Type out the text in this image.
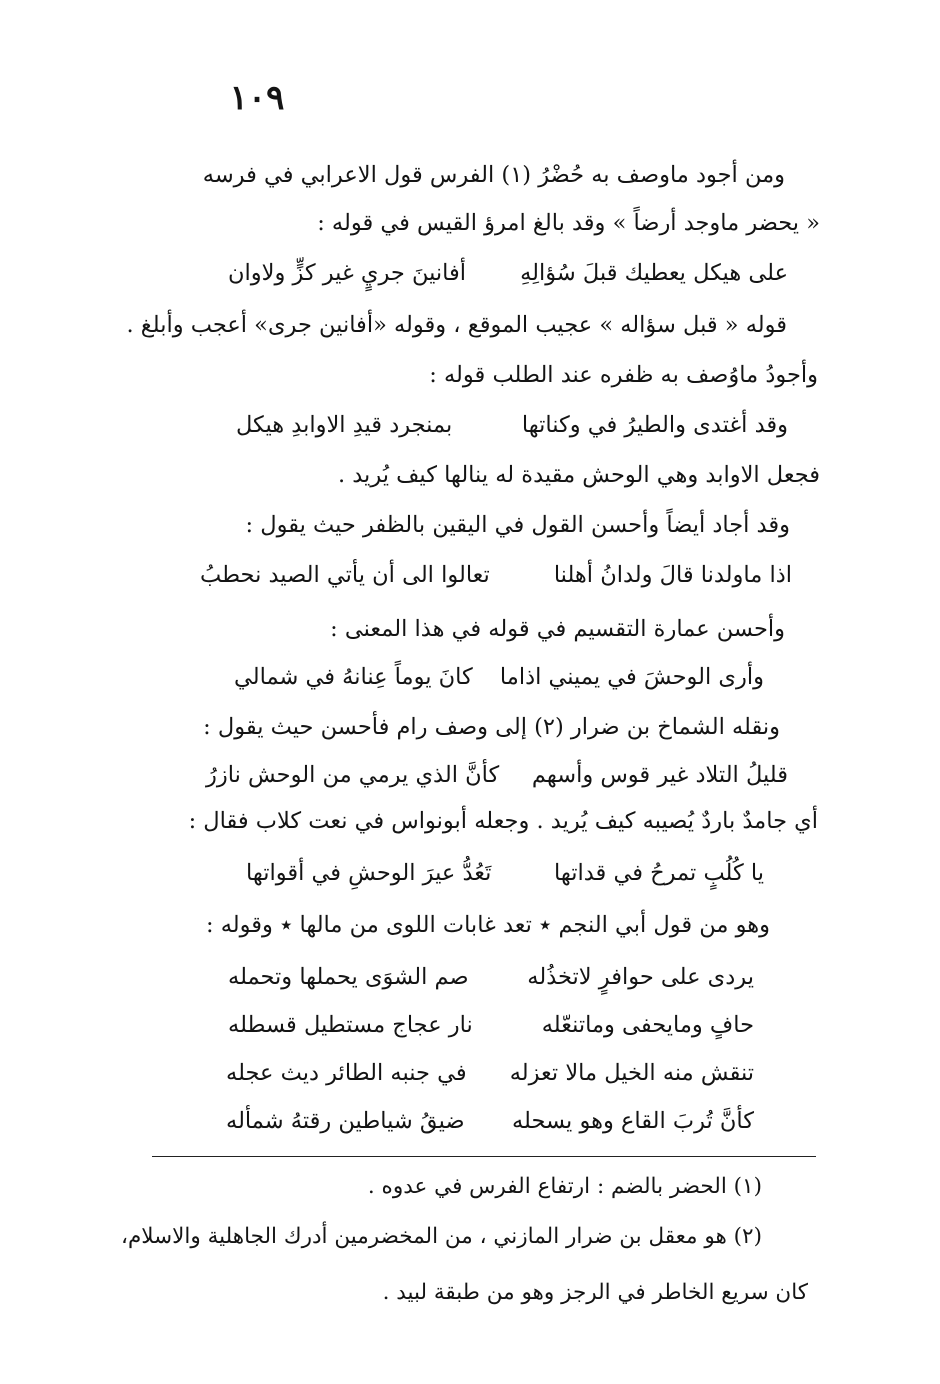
١٠٩
ومن أجود ماوصف به حُضْرُ (١) الفرس قول الاعرابي في فرسه
« يحضر ماوجد أرضاً » وقد بالغ امرؤ القيس في قوله :
على هيكل يعطيك قبلَ سُؤالِهِ
أفانينَ جريٍ غير كزٍّ ولاوان
قوله « قبل سؤاله » عجيب الموقع ، وقوله «أفانين جرى» أعجب وأبلغ .
وأجودُ ماوُصف به ظفره عند الطلب قوله :
وقد أغتدى والطيرُ في وكناتها
بمنجرد قيدِ الاوابدِ هيكل
فجعل الاوابد وهي الوحش مقيدة له ينالها كيف يُريد .
وقد أجاد أيضاً وأحسن القول في اليقين بالظفر حيث يقول :
اذا ماولدنا قالَ ولدانُ أهلنا
تعالوا الى أن يأتي الصيد نحطبُ
وأحسن عمارة التقسيم في قوله في هذا المعنى :
وأرى الوحشَ في يميني اذاما
كانَ يوماً عِنانهُ في شمالي
ونقله الشماخ بن ضرار (٢) إلى وصف رام فأحسن حيث يقول :
قليلُ التلاد غير قوس وأسهم
كأنَّ الذي يرمي من الوحش نازرُ
أي جامدٌ باردٌ يُصيبه كيف يُريد . وجعله أبونواس في نعت كلاب فقال :
يا كُلُبٍ تمرحُ في قداتها
تَعُدُّ عيرَ الوحشِ في أقواتها
وهو من قول أبي النجم ٭ تعد غابات اللوى من مالها ٭ وقوله :
يردى على حوافرٍ لاتخذُله
صم الشوَى يحملها وتحمله
حافٍ ومايحفى وماتنعّله
نار عجاج مستطيل قسطله
تنقش منه الخيل مالا تعزله
في جنبه الطائر ديث عجله
كأنَّ تُربَ القاع وهو يسحله
ضيقُ شياطين رقتهُ شمأله
(١) الحضر بالضم : ارتفاع الفرس في عدوه .
(٢) هو معقل بن ضرار المازني ، من المخضرمين أدرك الجاهلية والاسلام،
كان سريع الخاطر في الرجز وهو من طبقة لبيد .
